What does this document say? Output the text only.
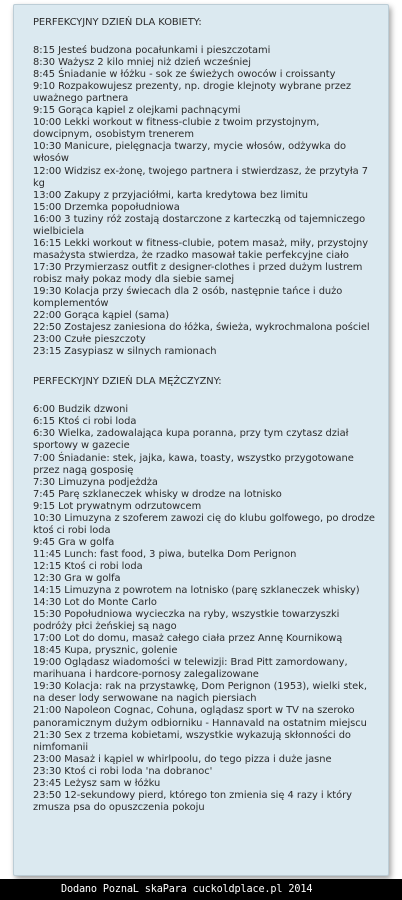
PERFEKCYJNY DZIEŃ DLA KOBIETY:

8:15 Jesteś budzona pocałunkami i pieszczotami
8:30 Ważysz 2 kilo mniej niż dzień wcześniej
8:45 Śniadanie w łóżku - sok ze świeżych owoców i croissanty
9:10 Rozpakowujesz prezenty, np. drogie klejnoty wybrane przez uważnego partnera
9:15 Gorąca kąpiel z olejkami pachnącymi
10:00 Lekki workout w fitness-clubie z twoim przystojnym, dowcipnym, osobistym trenerem
10:30 Manicure, pielęgnacja twarzy, mycie włosów, odżywka do włosów
12:00 Widzisz ex-żonę, twojego partnera i stwierdzasz, że przytyła 7 kg
13:00 Zakupy z przyjaciółmi, karta kredytowa bez limitu
15:00 Drzemka popołudniowa
16:00 3 tuziny róż zostają dostarczone z karteczką od tajemniczego wielbiciela
16:15 Lekki workout w fitness-clubie, potem masaż, miły, przystojny masażysta stwierdza, że rzadko masował takie perfekcyjne ciało
17:30 Przymierzasz outfit z designer-clothes i przed dużym lustrem robisz mały pokaz mody dla siebie samej
19:30 Kolacja przy świecach dla 2 osób, następnie tańce i dużo komplementów
22:00 Gorąca kąpiel (sama)
22:50 Zostajesz zaniesiona do łóżka, świeża, wykrochmalona pościel
23:00 Czułe pieszczoty
23:15 Zasypiasz w silnych ramionach

PERFECKYJNY DZIEŃ DLA MĘŻCZYZNY:

6:00 Budzik dzwoni
6:15 Ktoś ci robi loda
6:30 Wielka, zadowalająca kupa poranna, przy tym czytasz dział sportowy w gazecie
7:00 Śniadanie: stek, jajka, kawa, toasty, wszystko przygotowane przez nagą gosposię
7:30 Limuzyna podjeżdża
7:45 Parę szklaneczek whisky w drodze na lotnisko
9:15 Lot prywatnym odrzutowcem
10:30 Limuzyna z szoferem zawozi cię do klubu golfowego, po drodze ktoś ci robi loda
9:45 Gra w golfa
11:45 Lunch: fast food, 3 piwa, butelka Dom Perignon
12:15 Ktoś ci robi loda
12:30 Gra w golfa
14:15 Limuzyna z powrotem na lotnisko (parę szklaneczek whisky)
14:30 Lot do Monte Carlo
15:30 Popołudniowa wycieczka na ryby, wszystkie towarzyszki podróży płci żeńskiej są nago
17:00 Lot do domu, masaż całego ciała przez Annę Kournikową
18:45 Kupa, prysznic, golenie
19:00 Oglądasz wiadomości w telewizji: Brad Pitt zamordowany, marihuana i hardcore-pornosy zalegalizowane
19:30 Kolacja: rak na przystawkę, Dom Perignon (1953), wielki stek, na deser lody serwowane na nagich piersiach
21:00 Napoleon Cognac, Cohuna, oglądasz sport w TV na szeroko panoramicznym dużym odbiorniku - Hannavald na ostatnim miejscu
21:30 Sex z trzema kobietami, wszystkie wykazują skłonności do nimfomanii
23:00 Masaż i kąpiel w whirlpoolu, do tego pizza i duże jasne
23:30 Ktoś ci robi loda 'na dobranoc'
23:45 Leżysz sam w łóżku
23:50 12-sekundowy pierd, którego ton zmienia się 4 razy i który zmusza psa do opuszczenia pokoju
Dodano PoznaL skaPara cuckoldplace.pl 2014
